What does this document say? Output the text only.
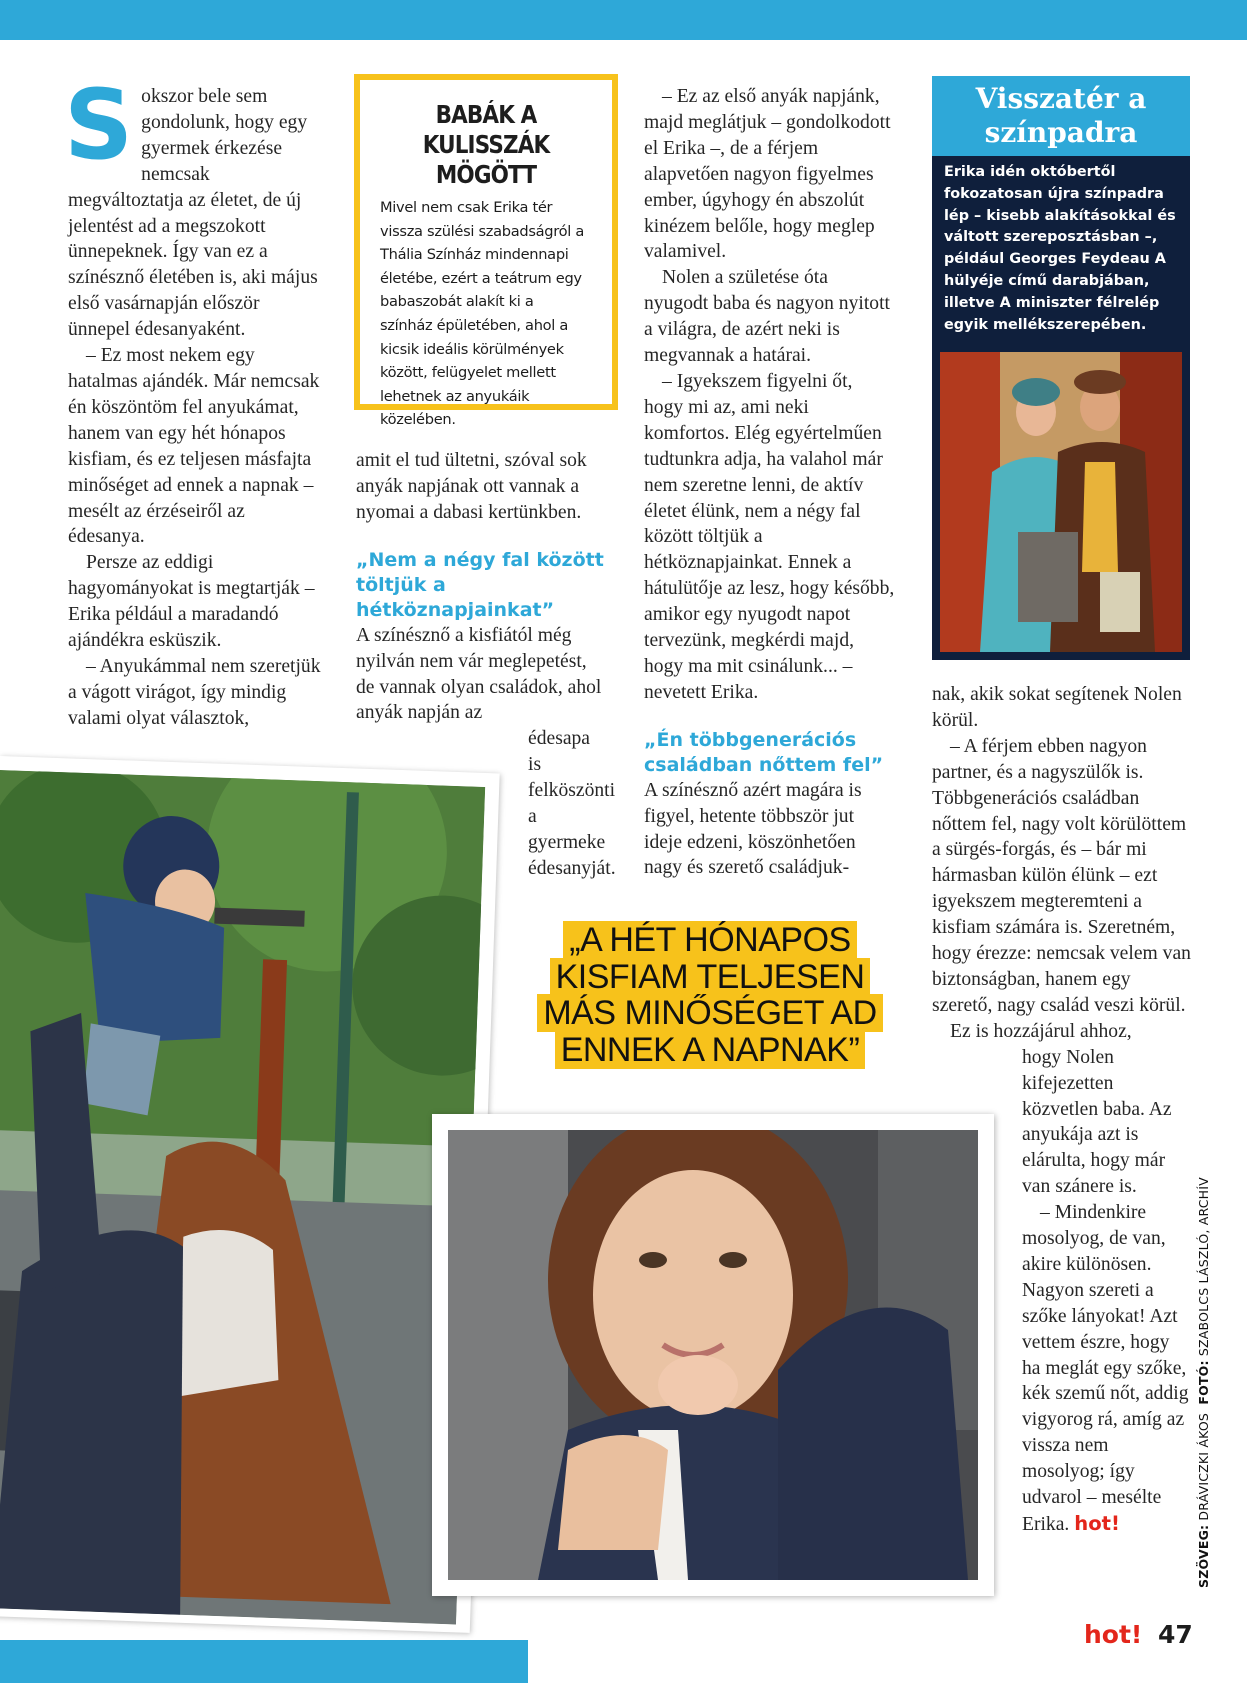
Sokszor bele sem gondolunk, hogy egy gyermek érkezése nemcsak megváltoztatja az életet, de új jelentést ad a megszokott ünnepeknek. Így van ez a színésznő életében is, aki május első vasárnapján először ünnepel édesanyaként.

– Ez most nekem egy hatalmas ajándék. Már nemcsak én köszöntöm fel anyukámat, hanem van egy hét hónapos kisfiam, és ez teljesen másfajta minőséget ad ennek a napnak – mesélt az érzéseiről az édesanya.

Persze az eddigi hagyományokat is megtartják – Erika például a maradandó ajándékra esküszik.

– Anyukámmal nem szeretjük a vágott virágot, így mindig valami olyat választok,

BABÁK A KULISSZÁK MÖGÖTT
Mivel nem csak Erika tér vissza szülési szabadságról a Thália Színház mindennapi életébe, ezért a teátrum egy babaszobát alakít ki a színház épületében, ahol a kicsik ideális körülmények között, felügyelet mellett lehetnek az anyukáik közelében.

amit el tud ültetni, szóval sok anyák napjának ott vannak a nyomai a dabasi kertünkben.

„Nem a négy fal között töltjük a hétköznapjainkat”

A színésznő a kisfiától még nyilván nem vár meglepetést, de vannak olyan családok, ahol anyák napján az

édesapa is felköszönti a gyermeke édesanyját.

– Ez az első anyák napjánk, majd meglátjuk – gondolkodott el Erika –, de a férjem alapvetően nagyon figyelmes ember, úgyhogy én abszolút kinézem belőle, hogy meglep valamivel.

Nolen a születése óta nyugodt baba és nagyon nyitott a világra, de azért neki is megvannak a határai.

– Igyekszem figyelni őt, hogy mi az, ami neki komfortos. Elég egyértelműen tudtunkra adja, ha valahol már nem szeretne lenni, de aktív életet élünk, nem a négy fal között töltjük a hétköznapjainkat. Ennek a hátulütője az lesz, hogy később, amikor egy nyugodt napot tervezünk, megkérdi majd, hogy ma mit csinálunk... – nevetett Erika.

„Én többgenerációs családban nőttem fel”

A színésznő azért magára is figyel, hetente többször jut ideje edzeni, köszönhetően nagy és szerető családjuk-

Visszatér a színpadra
Erika idén októbertől fokozatosan újra színpadra lép – kisebb alakításokkal és váltott szereposztásban –, például Georges Feydeau A hülyéje című darabjában, illetve A miniszter félrelép egyik mellékszerepében.

nak, akik sokat segítenek Nolen körül.

– A férjem ebben nagyon partner, és a nagyszülők is. Többgenerációs családban nőttem fel, nagy volt körülöttem a sürgés-forgás, és – bár mi hármasban külön élünk – ezt igyekszem megteremteni a kisfiam számára is. Szeretném, hogy érezze: nemcsak velem van biztonságban, hanem egy szerető, nagy család veszi körül.

Ez is hozzájárul ahhoz,

hogy Nolen kifejezetten közvetlen baba. Az anyukája azt is elárulta, hogy már van szánere is.

– Mindenkire mosolyog, de van, akire különösen. Nagyon szereti a szőke lányokat! Azt vettem észre, hogy ha meglát egy szőke, kék szemű nőt, addig vigyorog rá, amíg az vissza nem mosolyog; így udvarol – mesélte Erika. hot!

„A HÉT HÓNAPOS KISFIAM TELJESEN MÁS MINŐSÉGET AD ENNEK A NAPNAK”
SZÖVEG: DRÁVICZKI ÁKOS  FOTÓ: SZABOLCS LÁSZLÓ, ARCHÍV
hot! 47
